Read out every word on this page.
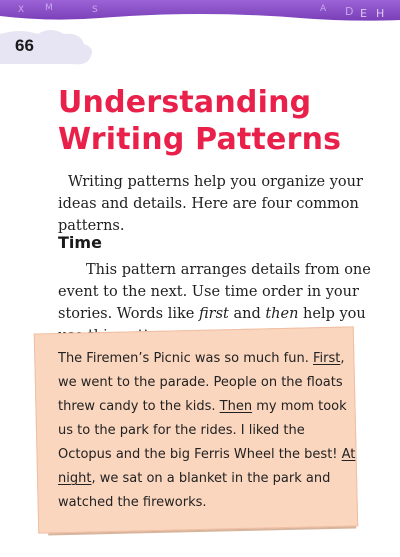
X M	S	A D E H
66
Understanding Writing Patterns

Writing patterns help you organize your ideas and details. Here are four common patterns.

Time

This pattern arranges details from one event to the next. Use time order in your stories. Words like first and then help you

The Firemen’s Picnic was so much fun. First, we went to the parade. People on the floats threw candy to the kids. Then my mom took us to the park for the rides. I liked the Octopus and the big Ferris Wheel the best! At night, we sat on a blanket in the park and watched the fireworks.
